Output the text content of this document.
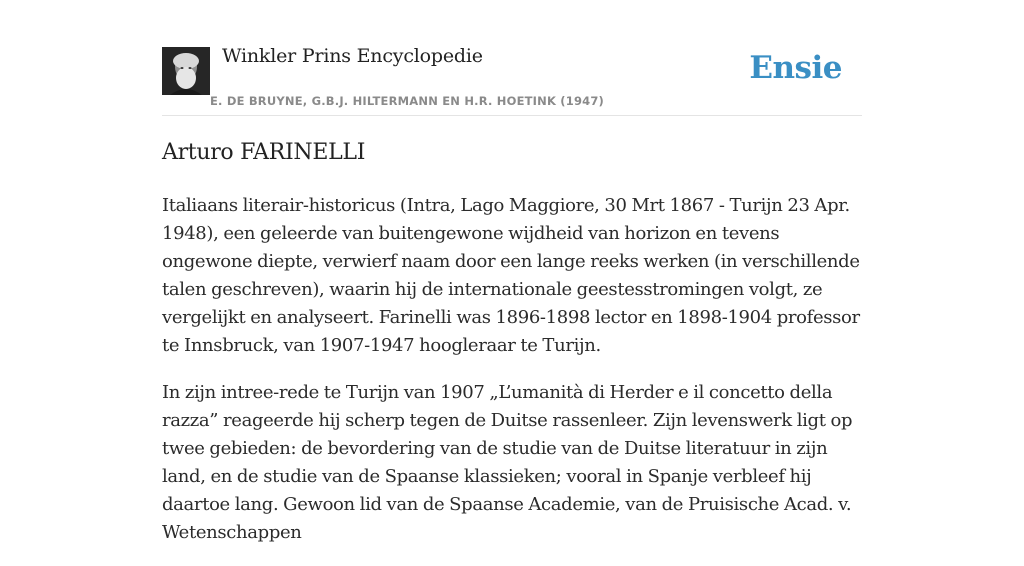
Winkler Prins Encyclopedie
E. DE BRUYNE, G.B.J. HILTERMANN EN H.R. HOETINK (1947)
Ensie
Arturo FARINELLI

Italiaans literair-historicus (Intra, Lago Maggiore, 30 Mrt 1867 - Turijn 23 Apr. 1948), een geleerde van buitengewone wijdheid van horizon en tevens ongewone diepte, verwierf naam door een lange reeks werken (in verschillende talen geschreven), waarin hij de internationale geestesstromingen volgt, ze vergelijkt en analyseert. Farinelli was 1896-1898 lector en 1898-1904 professor te Innsbruck, van 1907-1947 hoogleraar te Turijn.

In zijn intree-rede te Turijn van 1907 „L’umanità di Herder e il concetto della razza” reageerde hij scherp tegen de Duitse rassenleer. Zijn levenswerk ligt op twee gebieden: de bevordering van de studie van de Duitse literatuur in zijn land, en de studie van de Spaanse klassieken; vooral in Spanje verbleef hij daartoe lang. Gewoon lid van de Spaanse Academie, van de Pruisische Acad. v. Wetenschappen
